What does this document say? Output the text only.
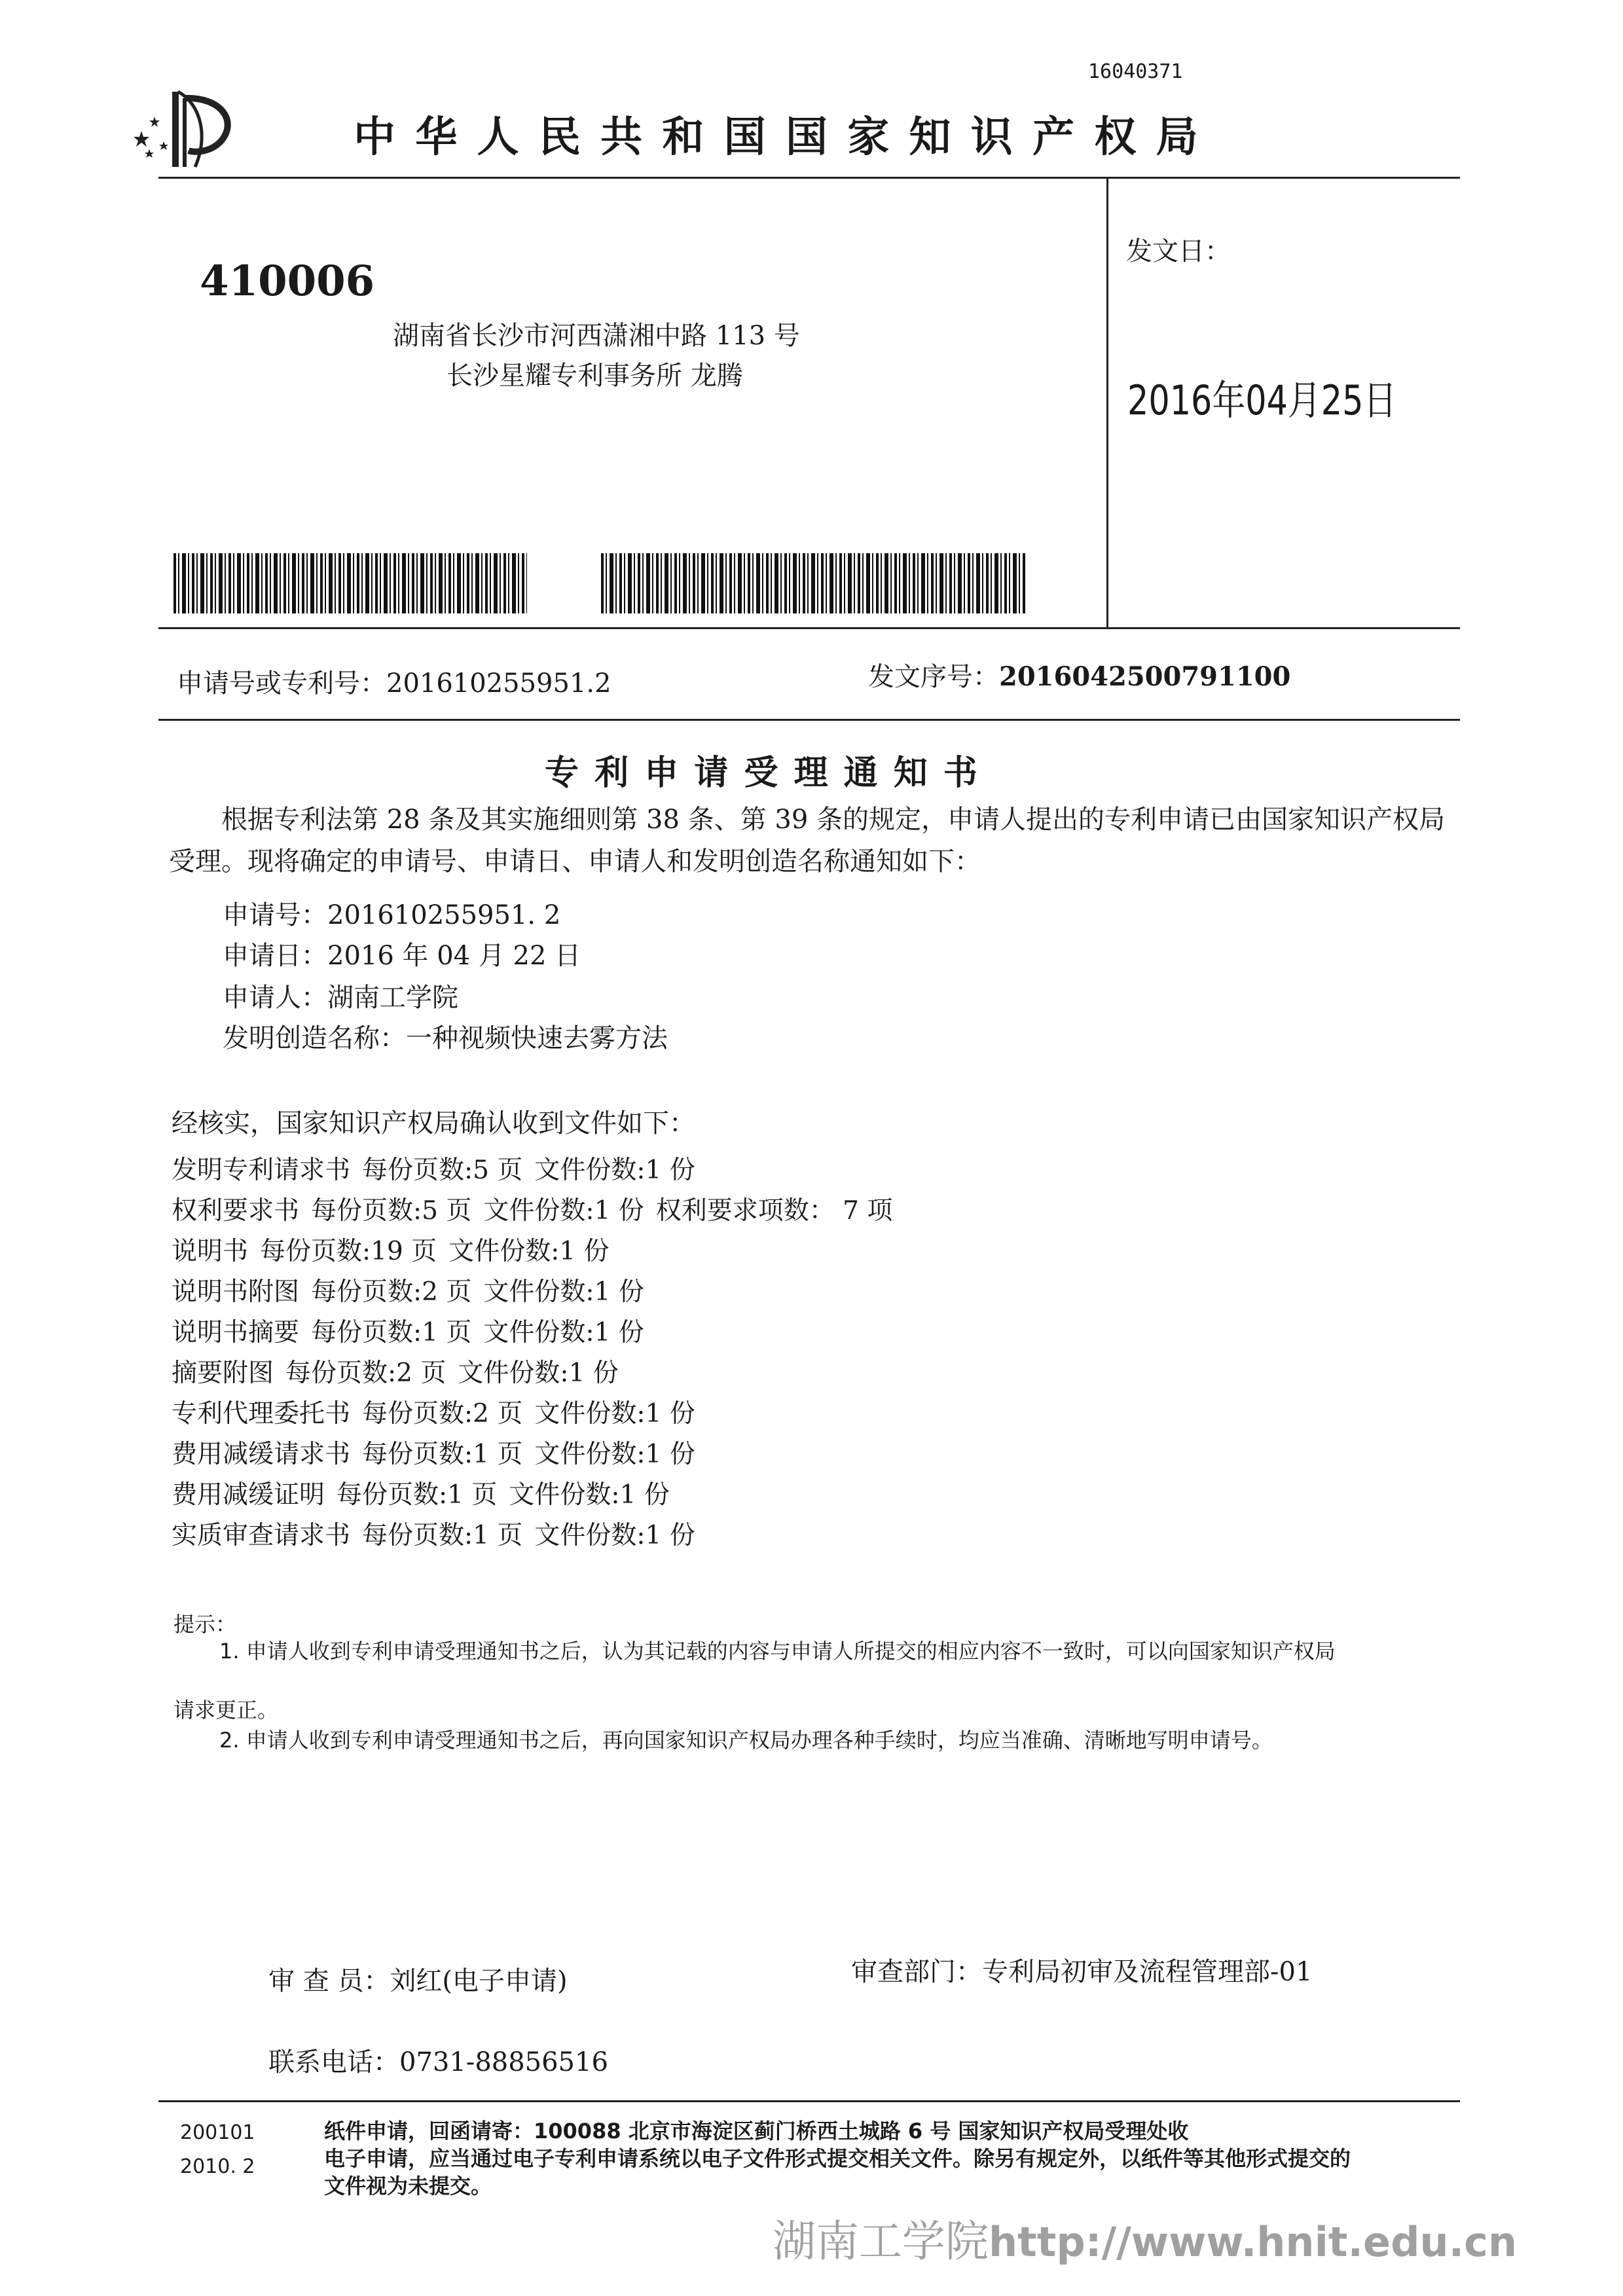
16040371
中 华 人 民 共 和 国 国 家 知 识 产 权 局
410006
湖南省长沙市河西潇湘中路 113 号
长沙星耀专利事务所 龙腾
发文日：
2016年04月25日
申请号或专利号：201610255951.2	发文序号：2016042500791100
专 利 申 请 受 理 通 知 书
根据专利法第 28 条及其实施细则第 38 条、第 39 条的规定，申请人提出的专利申请已由国家知识产权局
受理。现将确定的申请号、申请日、申请人和发明创造名称通知如下：
申请号：201610255951. 2
申请日：2016 年 04 月 22 日
申请人：湖南工学院
发明创造名称：一种视频快速去雾方法
经核实，国家知识产权局确认收到文件如下：
发明专利请求书 每份页数:5 页 文件份数:1 份
权利要求书 每份页数:5 页 文件份数:1 份 权利要求项数： 7 项
说明书 每份页数:19 页 文件份数:1 份
说明书附图 每份页数:2 页 文件份数:1 份
说明书摘要 每份页数:1 页 文件份数:1 份
摘要附图 每份页数:2 页 文件份数:1 份
专利代理委托书 每份页数:2 页 文件份数:1 份
费用减缓请求书 每份页数:1 页 文件份数:1 份
费用减缓证明 每份页数:1 页 文件份数:1 份
实质审查请求书 每份页数:1 页 文件份数:1 份
提示：
1. 申请人收到专利申请受理通知书之后，认为其记载的内容与申请人所提交的相应内容不一致时，可以向国家知识产权局
请求更正。
2. 申请人收到专利申请受理通知书之后，再向国家知识产权局办理各种手续时，均应当准确、清晰地写明申请号。
审 查 员：刘红(电子申请)	审查部门：专利局初审及流程管理部-01
联系电话：0731-88856516
200101
2010. 2
纸件申请，回函请寄：100088 北京市海淀区蓟门桥西土城路 6 号 国家知识产权局受理处收
电子申请，应当通过电子专利申请系统以电子文件形式提交相关文件。除另有规定外，以纸件等其他形式提交的
文件视为未提交。
湖南工学院http://www.hnit.edu.cn
